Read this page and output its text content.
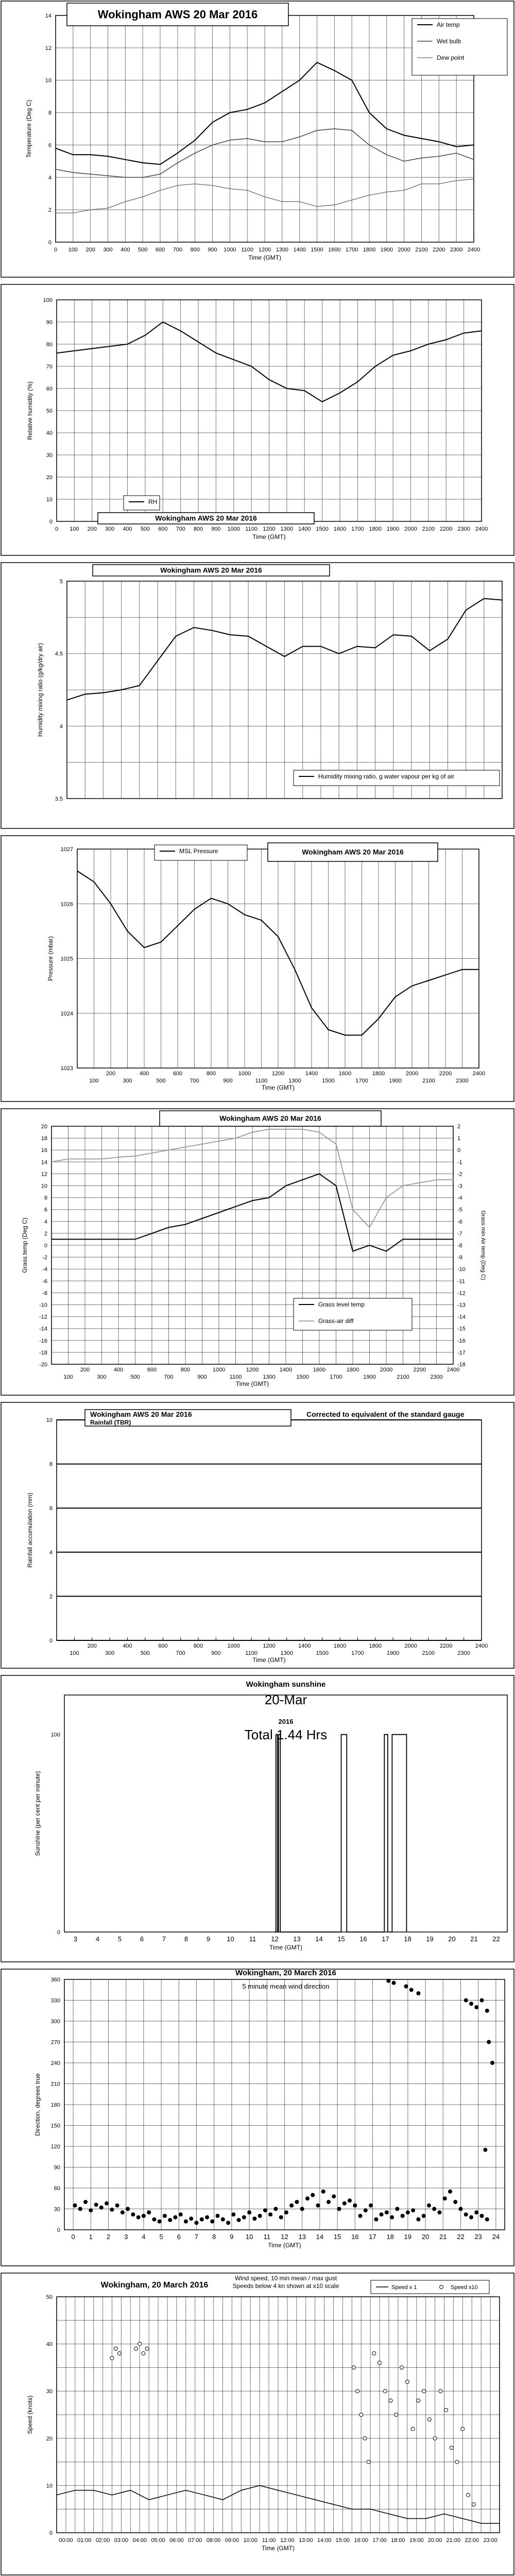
0
2
4
6
8
10
12
14
0 100 200 300 400 500 600 700 800 900 1000 1100 1200 1300 1400 1500 1600 1700 1800 1900 2000 2100 2200 2300 2400
Time (GMT)
Temperature (Deg C)
Wokingham AWS 20 Mar 2016
Air temp
Wet bulb
Dew point
0
10
20
30
40
50
60
70
80
90
100
0 100 200 300 400 500 600 700 800 900 1000 1100 1200 1300 1400 1500 1600 1700 1800 1900 2000 2100 2200 2300 2400
Time (GMT)
Relative humidity (%)
Wokingham AWS 20 Mar 2016
RH
3.5
4
4.5
5
Humidity mixing ratio (g/kg/dry air)
Wokingham AWS 20 Mar 2016
Humidity mixing ratio, g water vapour per kg of air
1023
1024
1025
1026
1027
200	400	600	800	1000	1200	1400	1600	1800	2000	2200	2400
100	300	500	700	900	1100	1300	1500	1700	1900	2100	2300
Time (GMT)
Pressure (mbar)
Wokingham AWS 20 Mar 2016
MSL Pressure
20
18
16
14
12
10
8
6
4
2
0
-2
-4
-6
-8
-10
-12
-14
-16
-18
-20
2
1
0
-1
-2
-3
-4
-5
-6
-7
-8
-9
-10
-11
-12
-13
-14
-15
-16
-17
-18
Grass min Air temp (Deg C)
200	400	600	800	1000	1200	1400	1600	1800	2000	2200	2400
100	300	500	700	900	1100	1300	1500	1700	1900	2100	2300
Time (GMT)
Grass temp (Deg C)
Wokingham AWS 20 Mar 2016
Grass level temp
Grass-air diff
0
2
4
6
8
10
200	400	600	800	1000	1200	1400	1600	1800	2000	2200	2400
100	300	500	700	900	1100	1300	1500	1700	1900	2100	2300
Time (GMT)
Rainfall accumulation (mm)
Wokingham AWS 20 Mar 2016
Rainfall (TBR)
Corrected to equivalent of the standard gauge
0
100
3	4	5	6	7	8	9 10 11 12 13 14 15 16 17 18 19 20 21 22
Time (GMT)
Sunshine (per cent per minute)
Wokingham sunshine
20-Mar
2016
Total 1.44 Hrs
0
30
60
90
120
150
180
210
240
270
300
330
360
0 1 2 3 4 5 6 7 8 9 10 11 12 13 14 15 16 17 18 19 20 21 22 23 24
Time (GMT)
Direction, degrees true
Wokingham, 20 March 2016
5 minute mean wind direction
0
10
20
30
40
50
00:00 01:00 02:00 03:00 04:00 05:00 06:00 07:00 08:00 09:00 10:00 11:00 12:00 13:00 14:00 15:00 16:00 17:00 18:00 19:00 20:00 21:00 22:00 23:00
Time (GMT)
Speed (knots)
Wokingham, 20 March 2016
Wind speed, 10 min mean / max gust
Speeds below 4 kn shown at x10 scale	Speed x 1	Speed x10
